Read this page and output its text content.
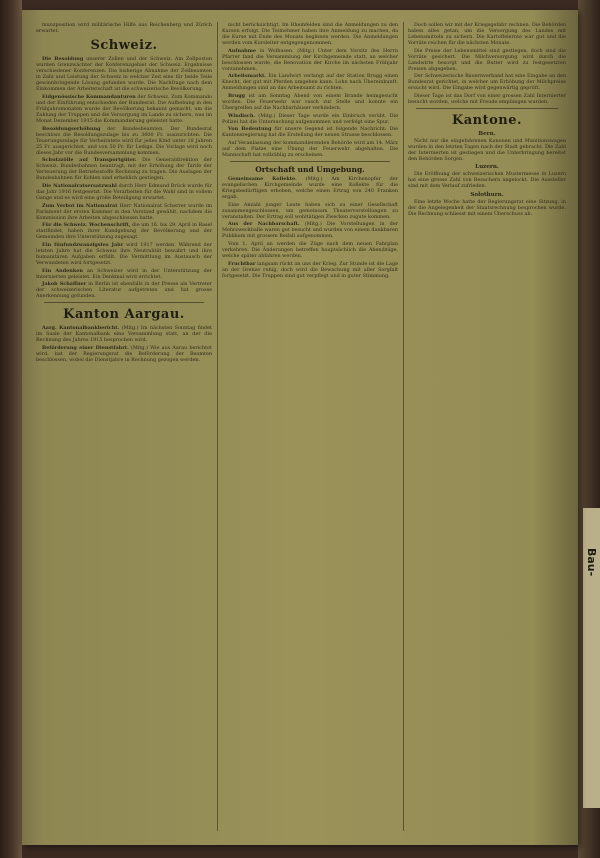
Bau-

munzposition wird militärische Hilfe aus Reichenberg und Zürich erwartet.

Schweiz.

Die Besoldung unserer Zollen und der Schweiz. Am Zollposten wurden Grenzwächter der Konferenzgebiet der Schweiz. Ergebnisse verschiedener Konferenzen. Die bisherige Abnahme der Zollbeamten in Zahl und Leistung der Schweiz in welcher Zeit eine für beide Teile gewinnbringende Lösung gefunden wurde. Die Nachfrage nach dem Einkommen der Arbeiterschaft ist die schweizerische Bevölkerung.

Eidgenössische Kommandanturen der Schweiz. Zum Kommando und der Einführung entschieden der Bundesrat. Die Aufhebung in den Frühjahrsmonaten wurde der Bevölkerung bekannt gemacht, um die Zahlung der Truppen und die Versorgung im Lande zu sichern, was im Monat Dezember 1915 die Kommandierung geleistet hatte.

Besoldungserhöhung der Bundesbeamten. Der Bundesrat beschloss die Besoldungszulage bis zu 3600 Fr. auszurichten. Die Teuerungszulage für Verheiratete wird für jedes Kind unter 18 Jahren 25 Fr. ausgerichtet, und von 50 Fr. für Ledige. Die Vorlage wird noch dieses Jahr vor die Bundesversammlung kommen.

Schutzzölle auf Transportgüter. Die Generaldirektion der Schweiz. Bundesbahnen beantragt, mit der Erhöhung der Tarife der Verteuerung der Betriebsstoffe Rechnung zu tragen. Die Auslagen der Bundesbahnen für Kohlen sind erheblich gestiegen.

Die Nationalratsersatzwahl durch Herr Edmund Brück wurde für das Jahr 1916 festgesetzt. Die Vorarbeiten für die Wahl sind in vollem Gange und es wird eine große Beteiligung erwartet.

Zum Verbot im Nationalrat Herr Nationalrat Scherrer wurde im Parlament der ersten Kammer in den Vorstand gewählt, nachdem die Kommission ihre Arbeiten abgeschlossen hatte.

Für die Schweiz. Wochenschrift, die um 16. bis 29. April in Basel stattfindet, haben ihrer Kundgebung der Bevölkerung und der Gemeinden ihre Unterstützung zugesagt.

Ein fünfundzwanzigstes Jahr wird 1917 werden. Während der letzten Jahre hat die Schweiz ihre Neutralität bewahrt und ihre humanitären Aufgaben erfüllt. Die Vermittlung im Austausch der Verwundeten wird fortgesetzt.

Ein Andenken an Schweizer wird in der Unterstützung der Internierten geleistet. Ein Denkmal wird errichtet.

Jakob Schaffner in Berlin ist ebenfalls in der Presse als Vertreter der schweizerischen Literatur aufgetreten und hat grosse Anerkennung gefunden.

Kanton Aargau.

Aarg. Kantonalbankbericht. (Mitg.) Im nächsten Sonntag findet im Saale der Kantonalbank eine Versammlung statt, an der die Rechnung des Jahres 1915 besprochen wird.

Beförderung einer Dienstfahrt. (Mitg.) Wie aus Aarau berichtet wird, hat der Regierungsrat die Beförderung der Beamten beschlossen, wobei die Dienstjahre in Rechnung gezogen werden.

nicht berücksichtigt. Im Rheinfelden sind die Anmeldungen zu den Kursen erfolgt. Die Teilnehmer haben ihre Anmeldung zu machen, da die Kurse mit Ende des Monats beginnen werden. Die Anmeldungen werden vom Kursleiter entgegengenommen.

Aufnahme in Wolhusen. (Mitg.) Unter dem Vorsitz des Herrn Pfarrer fand die Versammlung der Kirchgemeinde statt, an welcher beschlossen wurde, die Renovation der Kirche im nächsten Frühjahr vorzunehmen.

Arbeitsmarkt. Ein Landwirt verlangt auf der Station Brugg einen Knecht, der gut mit Pferden umgehen kann. Lohn nach Übereinkunft. Anmeldungen sind an das Arbeitsamt zu richten.

Brugg ist am Sonntag Abend von einem Brande heimgesucht worden. Die Feuerwehr war rasch zur Stelle und konnte ein Übergreifen auf die Nachbarhäuser verhindern.

Windisch. (Mitg.) Dieser Tage wurde ein Einbruch verübt. Die Polizei hat die Untersuchung aufgenommen und verfolgt eine Spur.

Von Bedeutung für unsere Gegend ist folgende Nachricht: Die Kantonsregierung hat die Erstellung der neuen Strasse beschlossen.

Auf Veranlassung der kommandierenden Behörde wird am 14. März auf dem Platze eine Übung der Feuerwehr abgehalten. Die Mannschaft hat vollzählig zu erscheinen.

Ortschaft und Umgebung.

Gemeinsame Kollekte. (Mitg.) Am Kirchenopfer der evangelischen Kirchgemeinde wurde eine Kollekte für die Kriegsbedürftigen erhoben, welche einen Ertrag von 240 Franken ergab.

Eine Anzahl junger Leute haben sich zu einer Gesellschaft zusammengeschlossen, um gemeinsam Theatervorstellungen zu veranstalten. Der Ertrag soll wohltätigen Zwecken zugute kommen.

Aus der Nachbarschaft. (Mitg.) Die Vorstellungen in der Mehrzweckhalle waren gut besucht und wurden von einem dankbaren Publikum mit grossem Beifall aufgenommen.

Vom 1. April an werden die Züge nach dem neuen Fahrplan verkehren. Die Änderungen betreffen hauptsächlich die Abendzüge, welche später abfahren werden.

Fruchtbar langsam rückt an uns der Krieg. Zur Stunde ist die Lage an der Grenze ruhig, doch wird die Bewachung mit aller Sorgfalt fortgesetzt. Die Truppen sind gut verpflegt und in guter Stimmung.

Doch sollen wir mit der Kriegsgefahr rechnen. Die Behörden haben alles getan, um die Versorgung des Landes mit Lebensmitteln zu sichern. Die Kartoffelernte war gut und die Vorräte reichen für die nächsten Monate.

Die Preise der Lebensmittel sind gestiegen, doch sind die Vorräte gesichert. Die Milchversorgung wird durch die Landwirte besorgt und die Butter wird zu festgesetzten Preisen abgegeben.

Der Schweizerische Bauernverband hat eine Eingabe an den Bundesrat gerichtet, in welcher um Erhöhung der Milchpreise ersucht wird. Die Eingabe wird gegenwärtig geprüft.

Dieser Tage ist das Dorf von einer grossen Zahl Internierter besucht worden, welche mit Freude empfangen wurden.

Kantone.
Bern.

Nicht nur die eingefahrenen Kanonen und Munitionswagen wurden in den letzten Tagen nach der Stadt gebracht. Die Zahl der Internierten ist gestiegen und die Unterbringung bereitet den Behörden Sorgen.

Luzern.

Die Eröffnung der schweizerischen Mustermesse in Luzern hat eine grosse Zahl von Besuchern angelockt. Die Aussteller sind mit dem Verlauf zufrieden.

Solothurn.

Eine letzte Woche hatte der Regierungsrat eine Sitzung, in der die Angelegenheit der Staatsrechnung besprochen wurde. Die Rechnung schliesst mit einem Überschuss ab.
